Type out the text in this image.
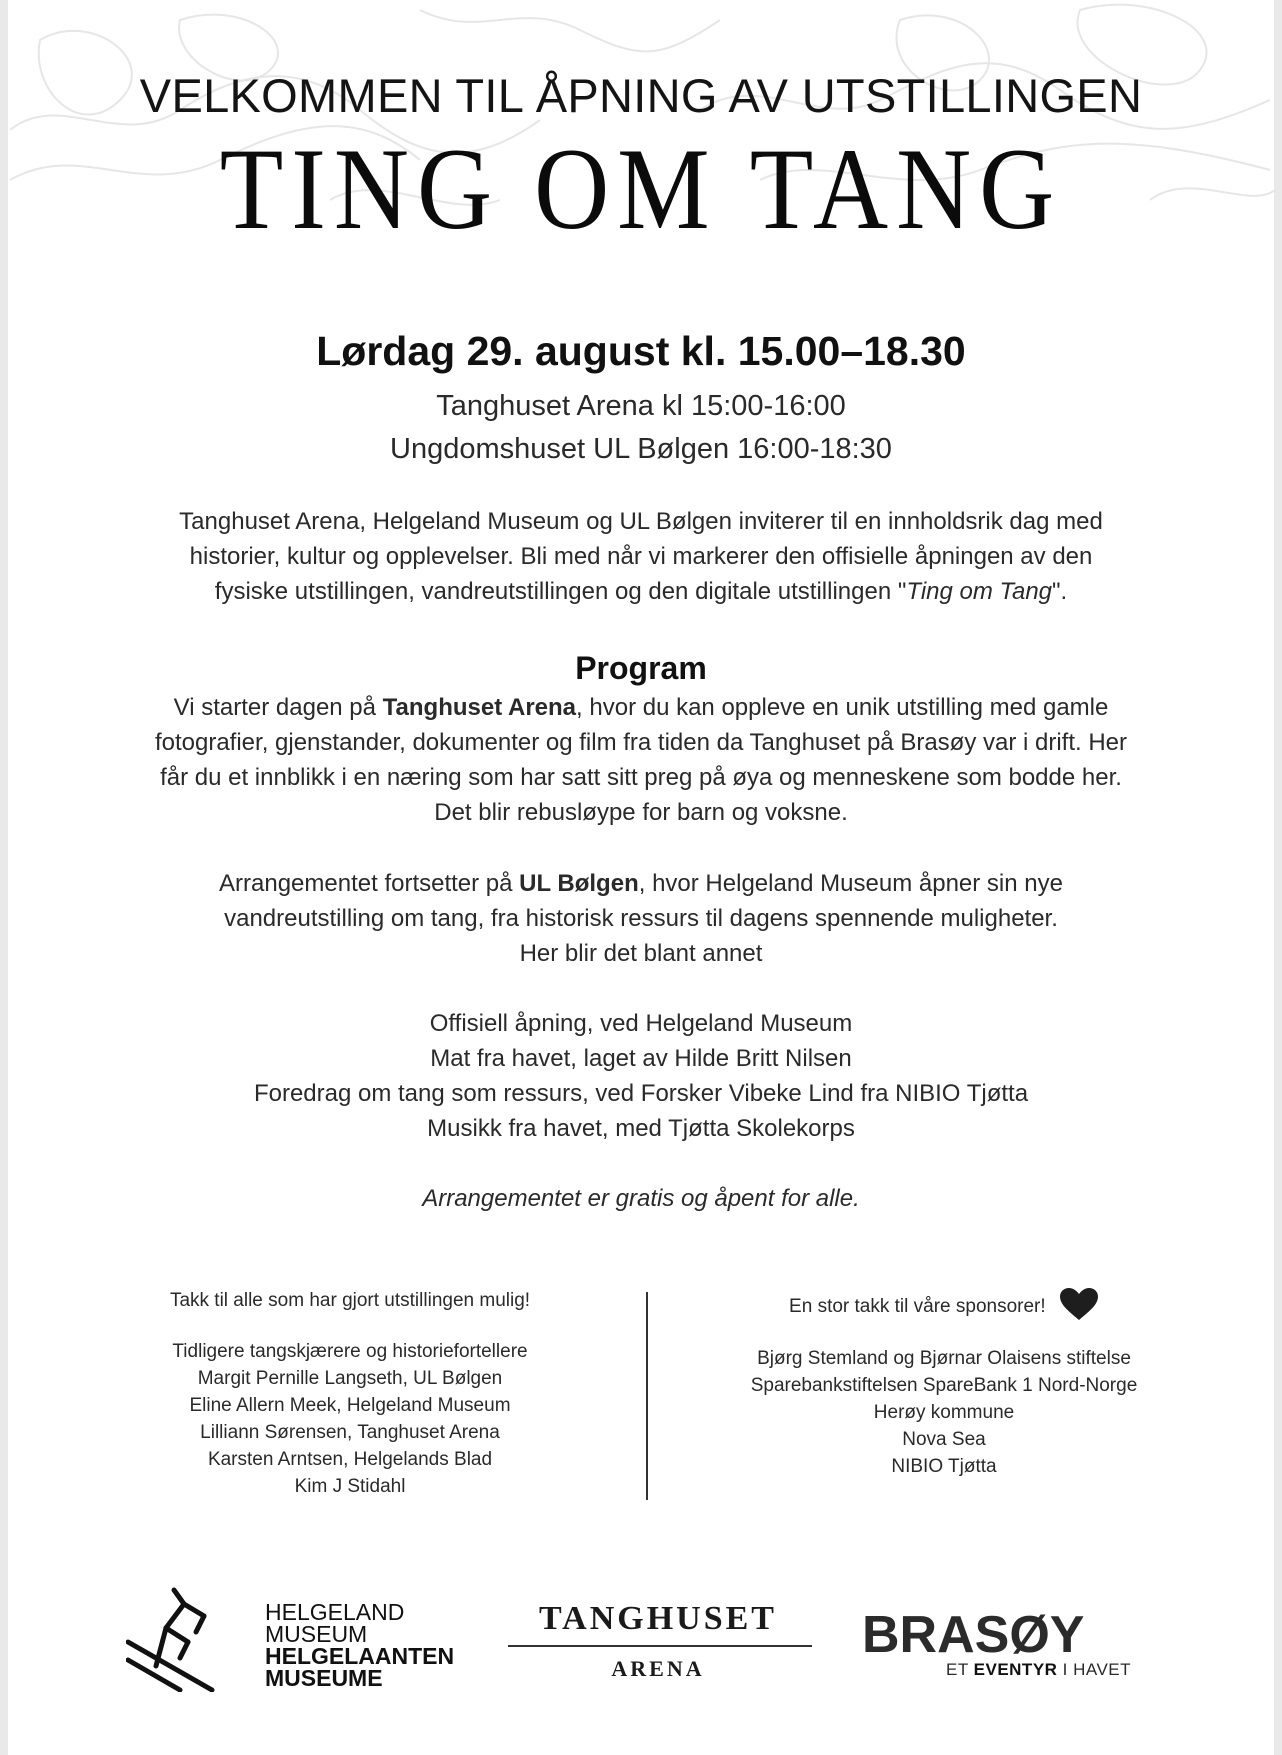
VELKOMMEN TIL ÅPNING AV UTSTILLINGEN
TING OM TANG
Lørdag 29. august kl. 15.00–18.30
Tanghuset Arena kl 15:00-16:00
Ungdomshuset UL Bølgen 16:00-18:30
Tanghuset Arena, Helgeland Museum og UL Bølgen inviterer til en innholdsrik dag med
historier, kultur og opplevelser. Bli med når vi markerer den offisielle åpningen av den
fysiske utstillingen, vandreutstillingen og den digitale utstillingen "Ting om Tang".
Program
Vi starter dagen på Tanghuset Arena, hvor du kan oppleve en unik utstilling med gamle
fotografier, gjenstander, dokumenter og film fra tiden da Tanghuset på Brasøy var i drift. Her
får du et innblikk i en næring som har satt sitt preg på øya og menneskene som bodde her.
Det blir rebusløype for barn og voksne.
Arrangementet fortsetter på UL Bølgen, hvor Helgeland Museum åpner sin nye
vandreutstilling om tang, fra historisk ressurs til dagens spennende muligheter.
Her blir det blant annet
Offisiell åpning, ved Helgeland Museum
Mat fra havet, laget av Hilde Britt Nilsen
Foredrag om tang som ressurs, ved Forsker Vibeke Lind fra NIBIO Tjøtta
Musikk fra havet, med Tjøtta Skolekorps
Arrangementet er gratis og åpent for alle.
Takk til alle som har gjort utstillingen mulig!
Tidligere tangskjærere og historiefortellere
Margit Pernille Langseth, UL Bølgen
Eline Allern Meek, Helgeland Museum
Lilliann Sørensen, Tanghuset Arena
Karsten Arntsen, Helgelands Blad
Kim J Stidahl
En stor takk til våre sponsorer!
Bjørg Stemland og Bjørnar Olaisens stiftelse
Sparebankstiftelsen SpareBank 1 Nord-Norge
Herøy kommune
Nova Sea
NIBIO Tjøtta
HELGELAND
MUSEUM
HELGELAANTEN
MUSEUME
TANGHUSET
ARENA
BRASØY
ET EVENTYR I HAVET
